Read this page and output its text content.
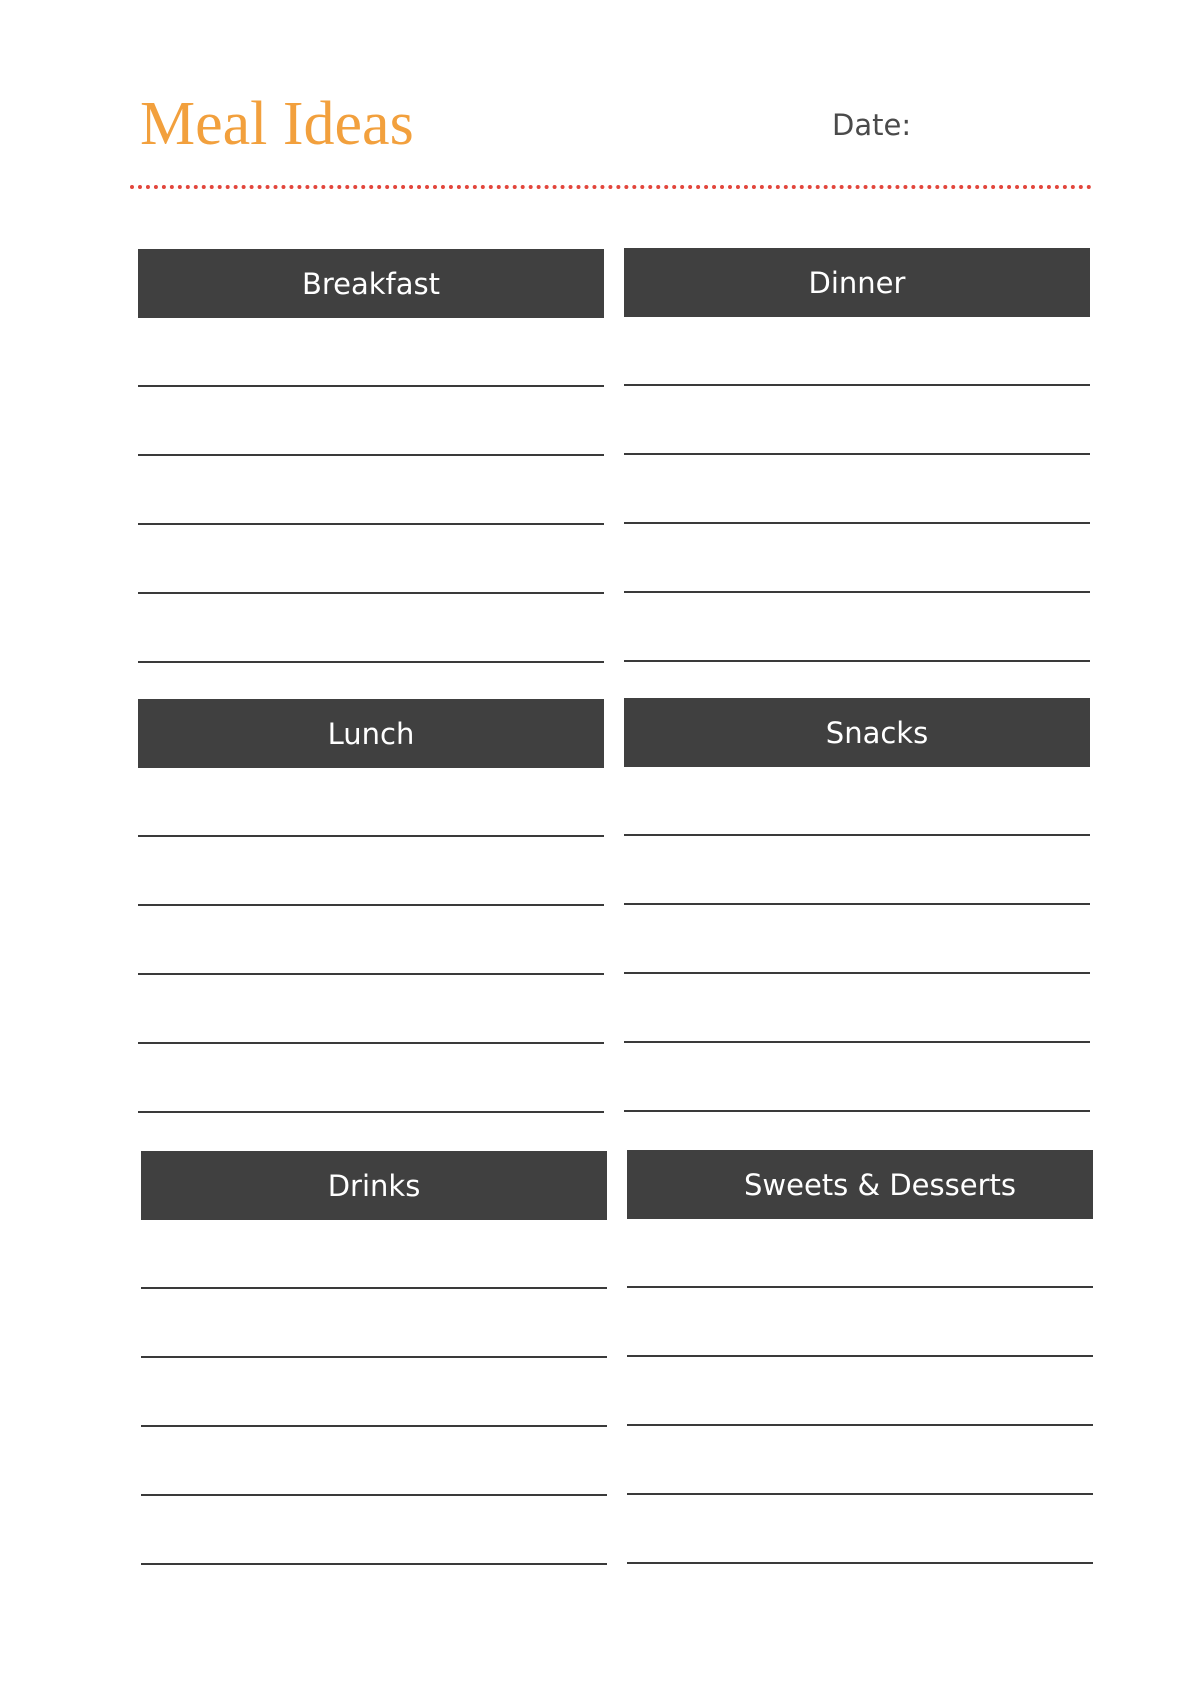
Meal Ideas	Date:
Breakfast	Dinner
Lunch	Snacks
Drinks	Sweets & Desserts
